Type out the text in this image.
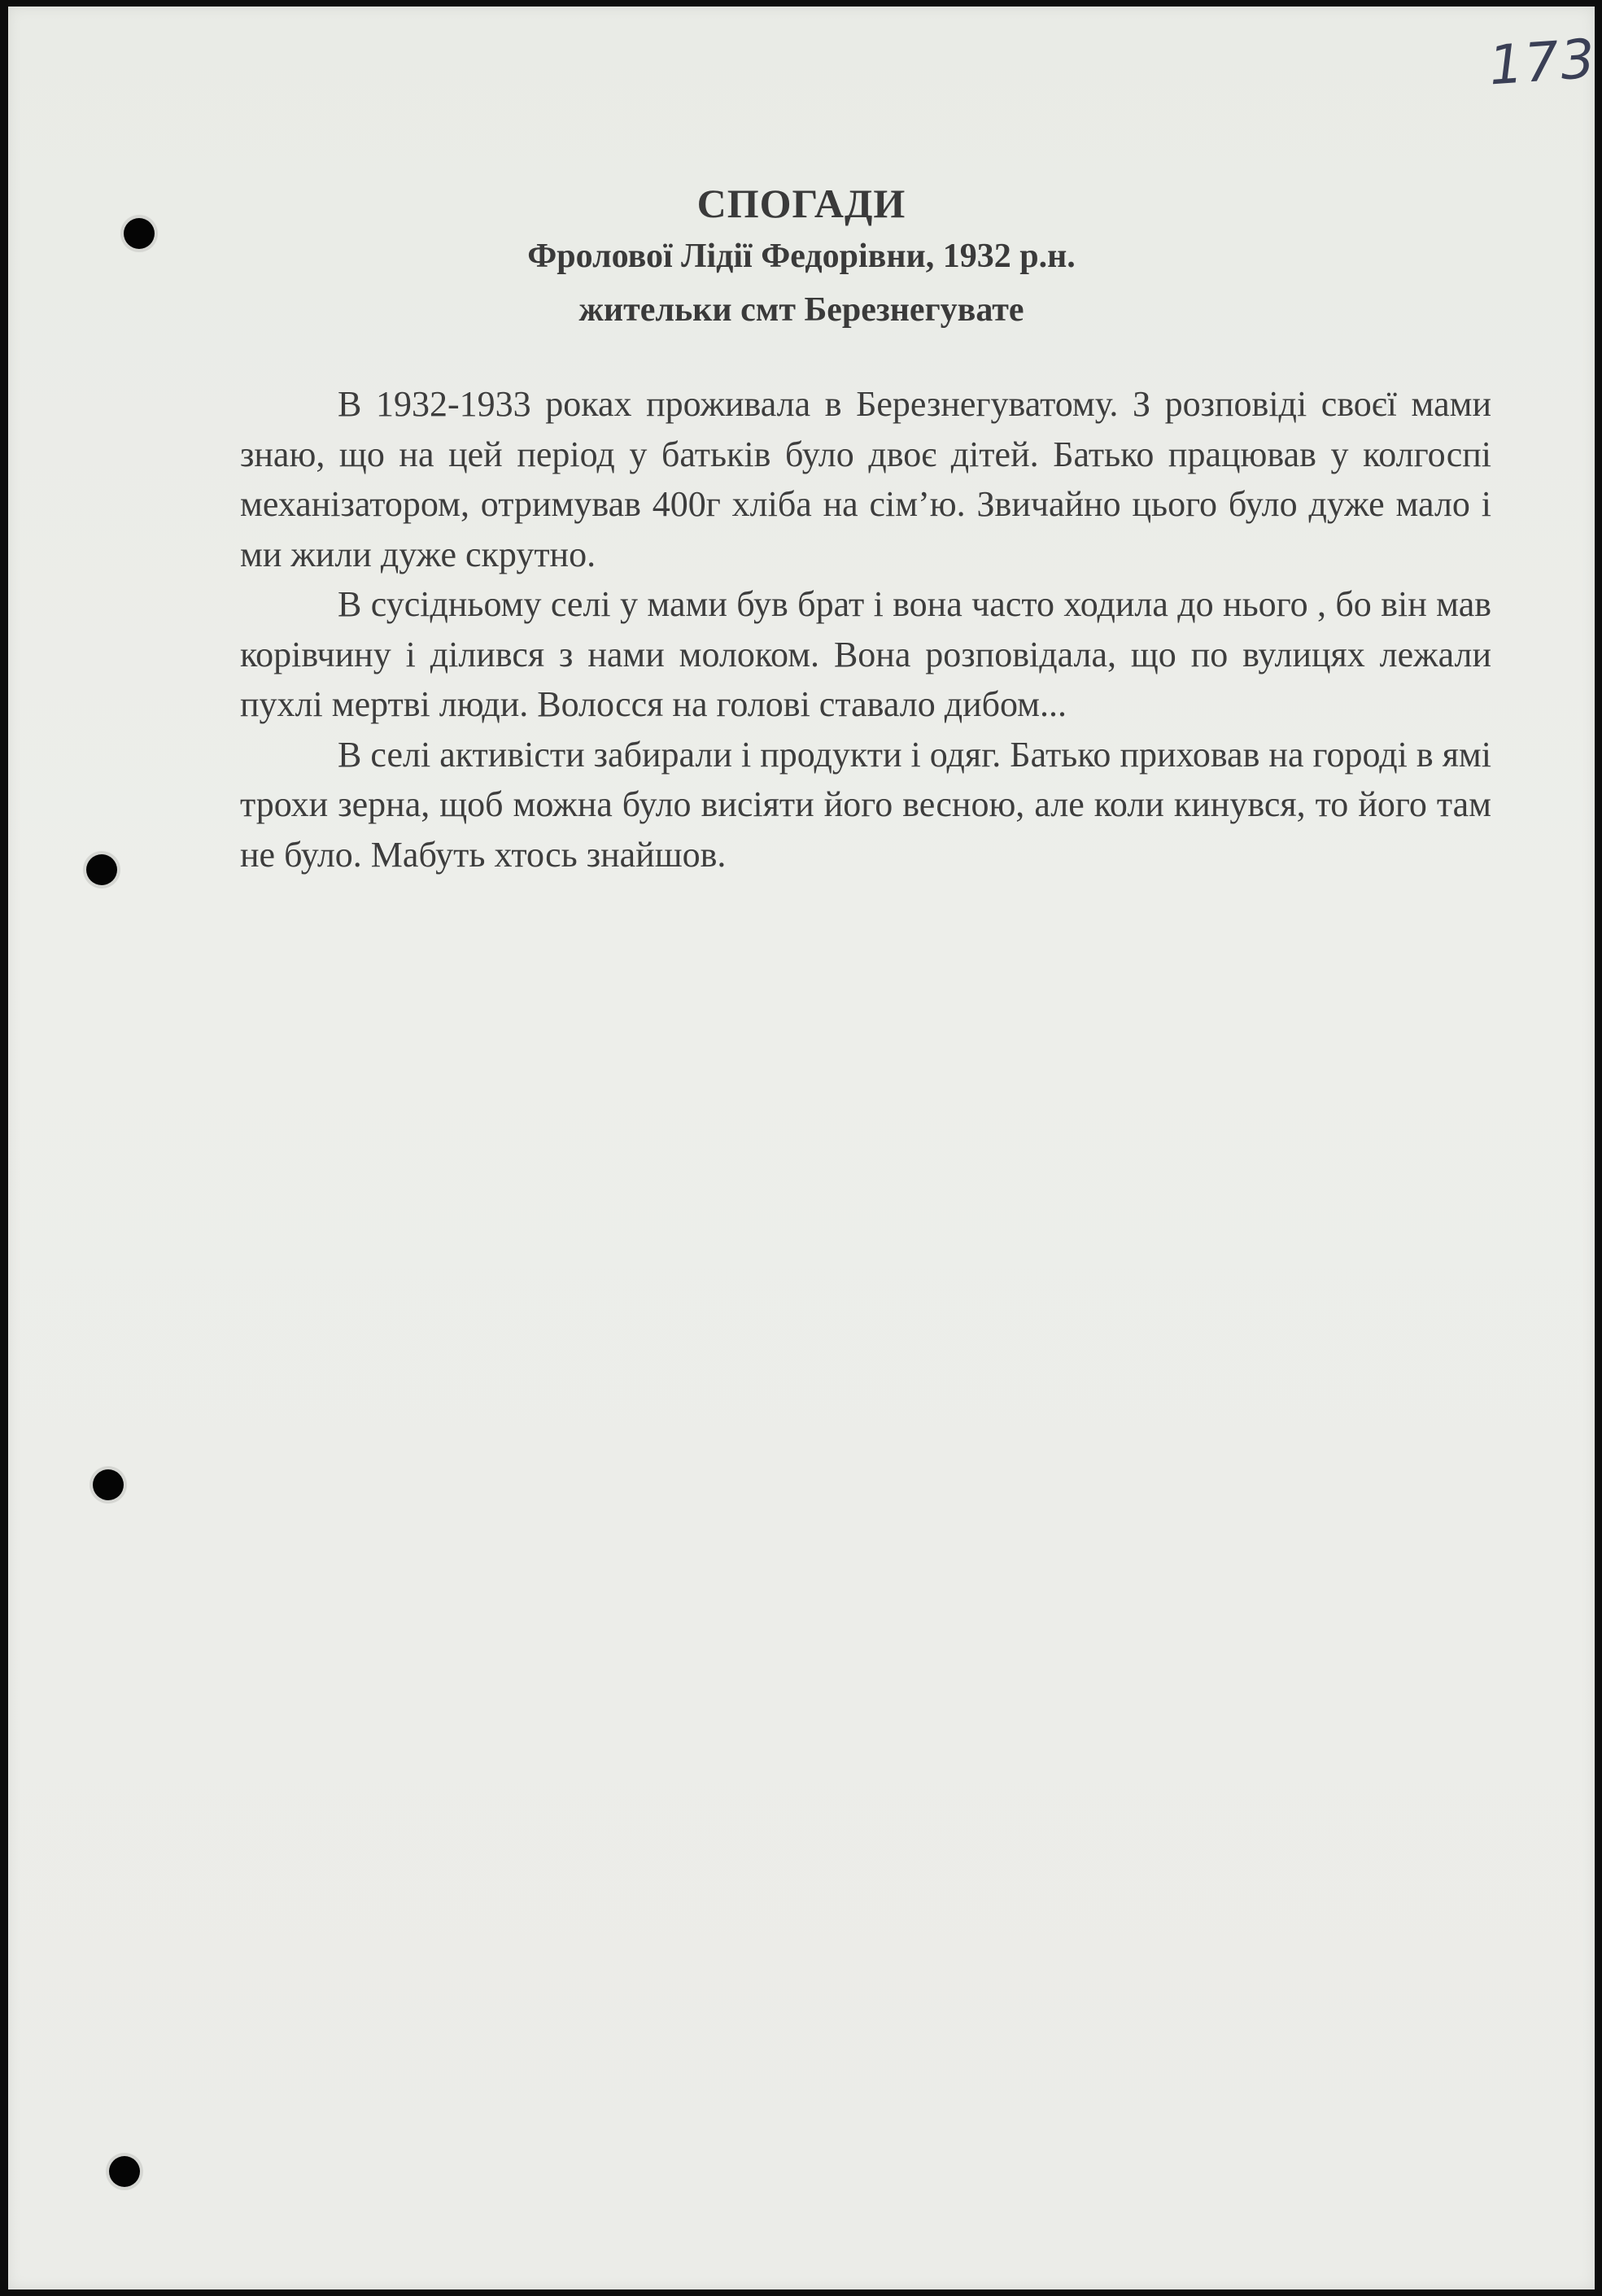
173
СПОГАДИ
Фролової Лідії Федорівни, 1932 р.н.
жительки смт Березнегувате

В 1932-1933 роках проживала в Березнегуватому. З розповіді своєї мами знаю, що на цей період у батьків було двоє дітей. Батько працював у колгоспі механізатором, отримував 400г хліба на сім’ю. Звичайно цього було дуже мало і ми жили дуже скрутно.

В сусідньому селі у мами був брат і вона часто ходила до нього , бо він мав корівчину і ділився з нами молоком. Вона розповідала, що по вулицях лежали пухлі мертві люди. Волосся на голові ставало дибом...

В селі активісти забирали і продукти і одяг. Батько приховав на городі в ямі трохи зерна, щоб можна було висіяти його весною, але коли кинувся, то його там не було. Мабуть хтось знайшов.
